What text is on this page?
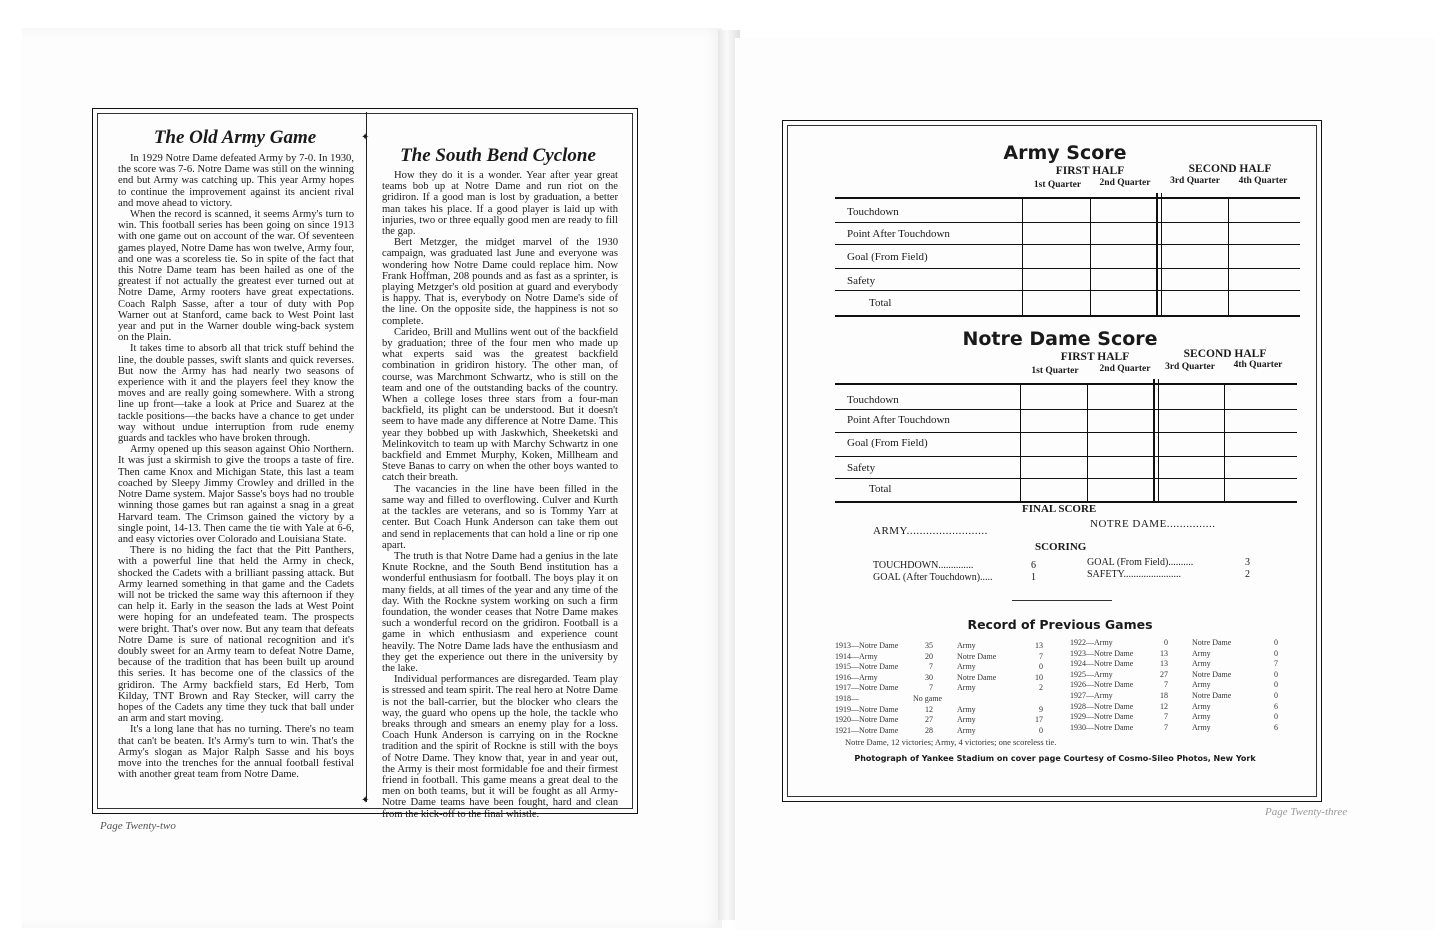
The Old Army Game
The South Bend Cyclone
✦
✦

In 1929 Notre Dame defeated Army by 7-0. In 1930, the score was 7-6. Notre Dame was still on the winning end but Army was catching up. This year Army hopes to continue the improvement against its ancient rival and move ahead to victory.

When the record is scanned, it seems Army's turn to win. This football series has been going on since 1913 with one game out on account of the war. Of seventeen games played, Notre Dame has won twelve, Army four, and one was a scoreless tie. So in spite of the fact that this Notre Dame team has been hailed as one of the greatest if not actually the greatest ever turned out at Notre Dame, Army rooters have great expectations. Coach Ralph Sasse, after a tour of duty with Pop Warner out at Stanford, came back to West Point last year and put in the Warner double wing-back system on the Plain.

It takes time to absorb all that trick stuff behind the line, the double passes, swift slants and quick reverses. But now the Army has had nearly two seasons of experience with it and the players feel they know the moves and are really going somewhere. With a strong line up front—take a look at Price and Suarez at the tackle positions—the backs have a chance to get under way without undue interruption from rude enemy guards and tackles who have broken through.

Army opened up this season against Ohio Northern. It was just a skirmish to give the troops a taste of fire. Then came Knox and Michigan State, this last a team coached by Sleepy Jimmy Crowley and drilled in the Notre Dame system. Major Sasse's boys had no trouble winning those games but ran against a snag in a great Harvard team. The Crimson gained the victory by a single point, 14-13. Then came the tie with Yale at 6-6, and easy victories over Colorado and Louisiana State.

There is no hiding the fact that the Pitt Panthers, with a powerful line that held the Army in check, shocked the Cadets with a brilliant passing attack. But Army learned something in that game and the Cadets will not be tricked the same way this afternoon if they can help it. Early in the season the lads at West Point were hoping for an undefeated team. The prospects were bright. That's over now. But any team that defeats Notre Dame is sure of national recognition and it's doubly sweet for an Army team to defeat Notre Dame, because of the tradition that has been built up around this series. It has become one of the classics of the gridiron. The Army backfield stars, Ed Herb, Tom Kilday, TNT Brown and Ray Stecker, will carry the hopes of the Cadets any time they tuck that ball under an arm and start moving.

It's a long lane that has no turning. There's no team that can't be beaten. It's Army's turn to win. That's the Army's slogan as Major Ralph Sasse and his boys move into the trenches for the annual football festival with another great team from Notre Dame.

How they do it is a wonder. Year after year great teams bob up at Notre Dame and run riot on the gridiron. If a good man is lost by graduation, a better man takes his place. If a good player is laid up with injuries, two or three equally good men are ready to fill the gap.

Bert Metzger, the midget marvel of the 1930 campaign, was graduated last June and everyone was wondering how Notre Dame could replace him. Now Frank Hoffman, 208 pounds and as fast as a sprinter, is playing Metzger's old position at guard and everybody is happy. That is, everybody on Notre Dame's side of the line. On the opposite side, the happiness is not so complete.

Carideo, Brill and Mullins went out of the backfield by graduation; three of the four men who made up what experts said was the greatest backfield combination in gridiron history. The other man, of course, was Marchmont Schwartz, who is still on the team and one of the outstanding backs of the country. When a college loses three stars from a four-man backfield, its plight can be understood. But it doesn't seem to have made any difference at Notre Dame. This year they bobbed up with Jaskwhich, Sheeketski and Melinkovitch to team up with Marchy Schwartz in one backfield and Emmet Murphy, Koken, Millheam and Steve Banas to carry on when the other boys wanted to catch their breath.

The vacancies in the line have been filled in the same way and filled to overflowing. Culver and Kurth at the tackles are veterans, and so is Tommy Yarr at center. But Coach Hunk Anderson can take them out and send in replacements that can hold a line or rip one apart.

The truth is that Notre Dame had a genius in the late Knute Rockne, and the South Bend institution has a wonderful enthusiasm for football. The boys play it on many fields, at all times of the year and any time of the day. With the Rockne system working on such a firm foundation, the wonder ceases that Notre Dame makes such a wonderful record on the gridiron. Football is a game in which enthusiasm and experience count heavily. The Notre Dame lads have the enthusiasm and they get the experience out there in the university by the lake.

Individual performances are disregarded. Team play is stressed and team spirit. The real hero at Notre Dame is not the ball-carrier, but the blocker who clears the way, the guard who opens up the hole, the tackle who breaks through and smears an enemy play for a loss. Coach Hunk Anderson is carrying on in the Rockne tradition and the spirit of Rockne is still with the boys of Notre Dame. They know that, year in and year out, the Army is their most formidable foe and their firmest friend in football. This game means a great deal to the men on both teams, but it will be fought as all Army-Notre Dame teams have been fought, hard and clean from the kick-off to the final whistle.

Page Twenty-two
Army Score
FIRST HALF	SECOND HALF
1st Quarter	2nd Quarter	3rd Quarter	4th Quarter
Touchdown
Point After Touchdown
Goal (From Field)
Safety
Total
Notre Dame Score
FIRST HALF	SECOND HALF
1st Quarter	2nd Quarter	3rd Quarter	4th Quarter
Touchdown
Point After Touchdown
Goal (From Field)
Safety
Total
FINAL SCORE
ARMY.........................
NOTRE DAME...............
SCORING
TOUCHDOWN..............	6
GOAL (After Touchdown).....	1
GOAL (From Field)..........	3
SAFETY.......................	2
Record of Previous Games
1913—Notre Dame	35	Army	13
1914—Army	20	Notre Dame	7
1915—Notre Dame	7	Army	0
1916—Army	30	Notre Dame	10
1917—Notre Dame	7	Army	2
1918—	No game
1919—Notre Dame	12	Army	9
1920—Notre Dame	27	Army	17
1921—Notre Dame	28	Army	0
1922—Army	0	Notre Dame	0
1923—Notre Dame	13	Army	0
1924—Notre Dame	13	Army	7
1925—Army	27	Notre Dame	0
1926—Notre Dame	7	Army	0
1927—Army	18	Notre Dame	0
1928—Notre Dame	12	Army	6
1929—Notre Dame	7	Army	0
1930—Notre Dame	7	Army	6
Notre Dame, 12 victories; Army, 4 victories; one scoreless tie.
Photograph of Yankee Stadium on cover page Courtesy of Cosmo-Sileo Photos, New York
Page Twenty-three
